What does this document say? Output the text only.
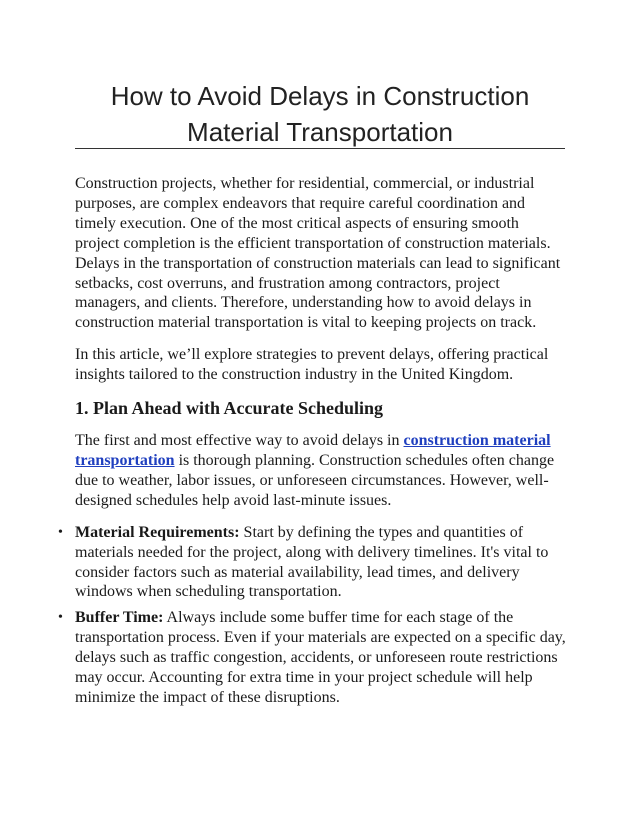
How to Avoid Delays in Construction
Material Transportation

Construction projects, whether for residential, commercial, or industrial purposes, are complex endeavors that require careful coordination and timely execution. One of the most critical aspects of ensuring smooth project completion is the efficient transportation of construction materials. Delays in the transportation of construction materials can lead to significant setbacks, cost overruns, and frustration among contractors, project managers, and clients. Therefore, understanding how to avoid delays in construction material transportation is vital to keeping projects on track.

In this article, we’ll explore strategies to prevent delays, offering practical insights tailored to the construction industry in the United Kingdom.

1. Plan Ahead with Accurate Scheduling

The first and most effective way to avoid delays in construction material transportation is thorough planning. Construction schedules often change due to weather, labor issues, or unforeseen circumstances. However, well-designed schedules help avoid last-minute issues.

• Material Requirements: Start by defining the types and quantities of materials needed for the project, along with delivery timelines. It's vital to consider factors such as material availability, lead times, and delivery windows when scheduling transportation.
• Buffer Time: Always include some buffer time for each stage of the transportation process. Even if your materials are expected on a specific day, delays such as traffic congestion, accidents, or unforeseen route restrictions may occur. Accounting for extra time in your project schedule will help minimize the impact of these disruptions.
